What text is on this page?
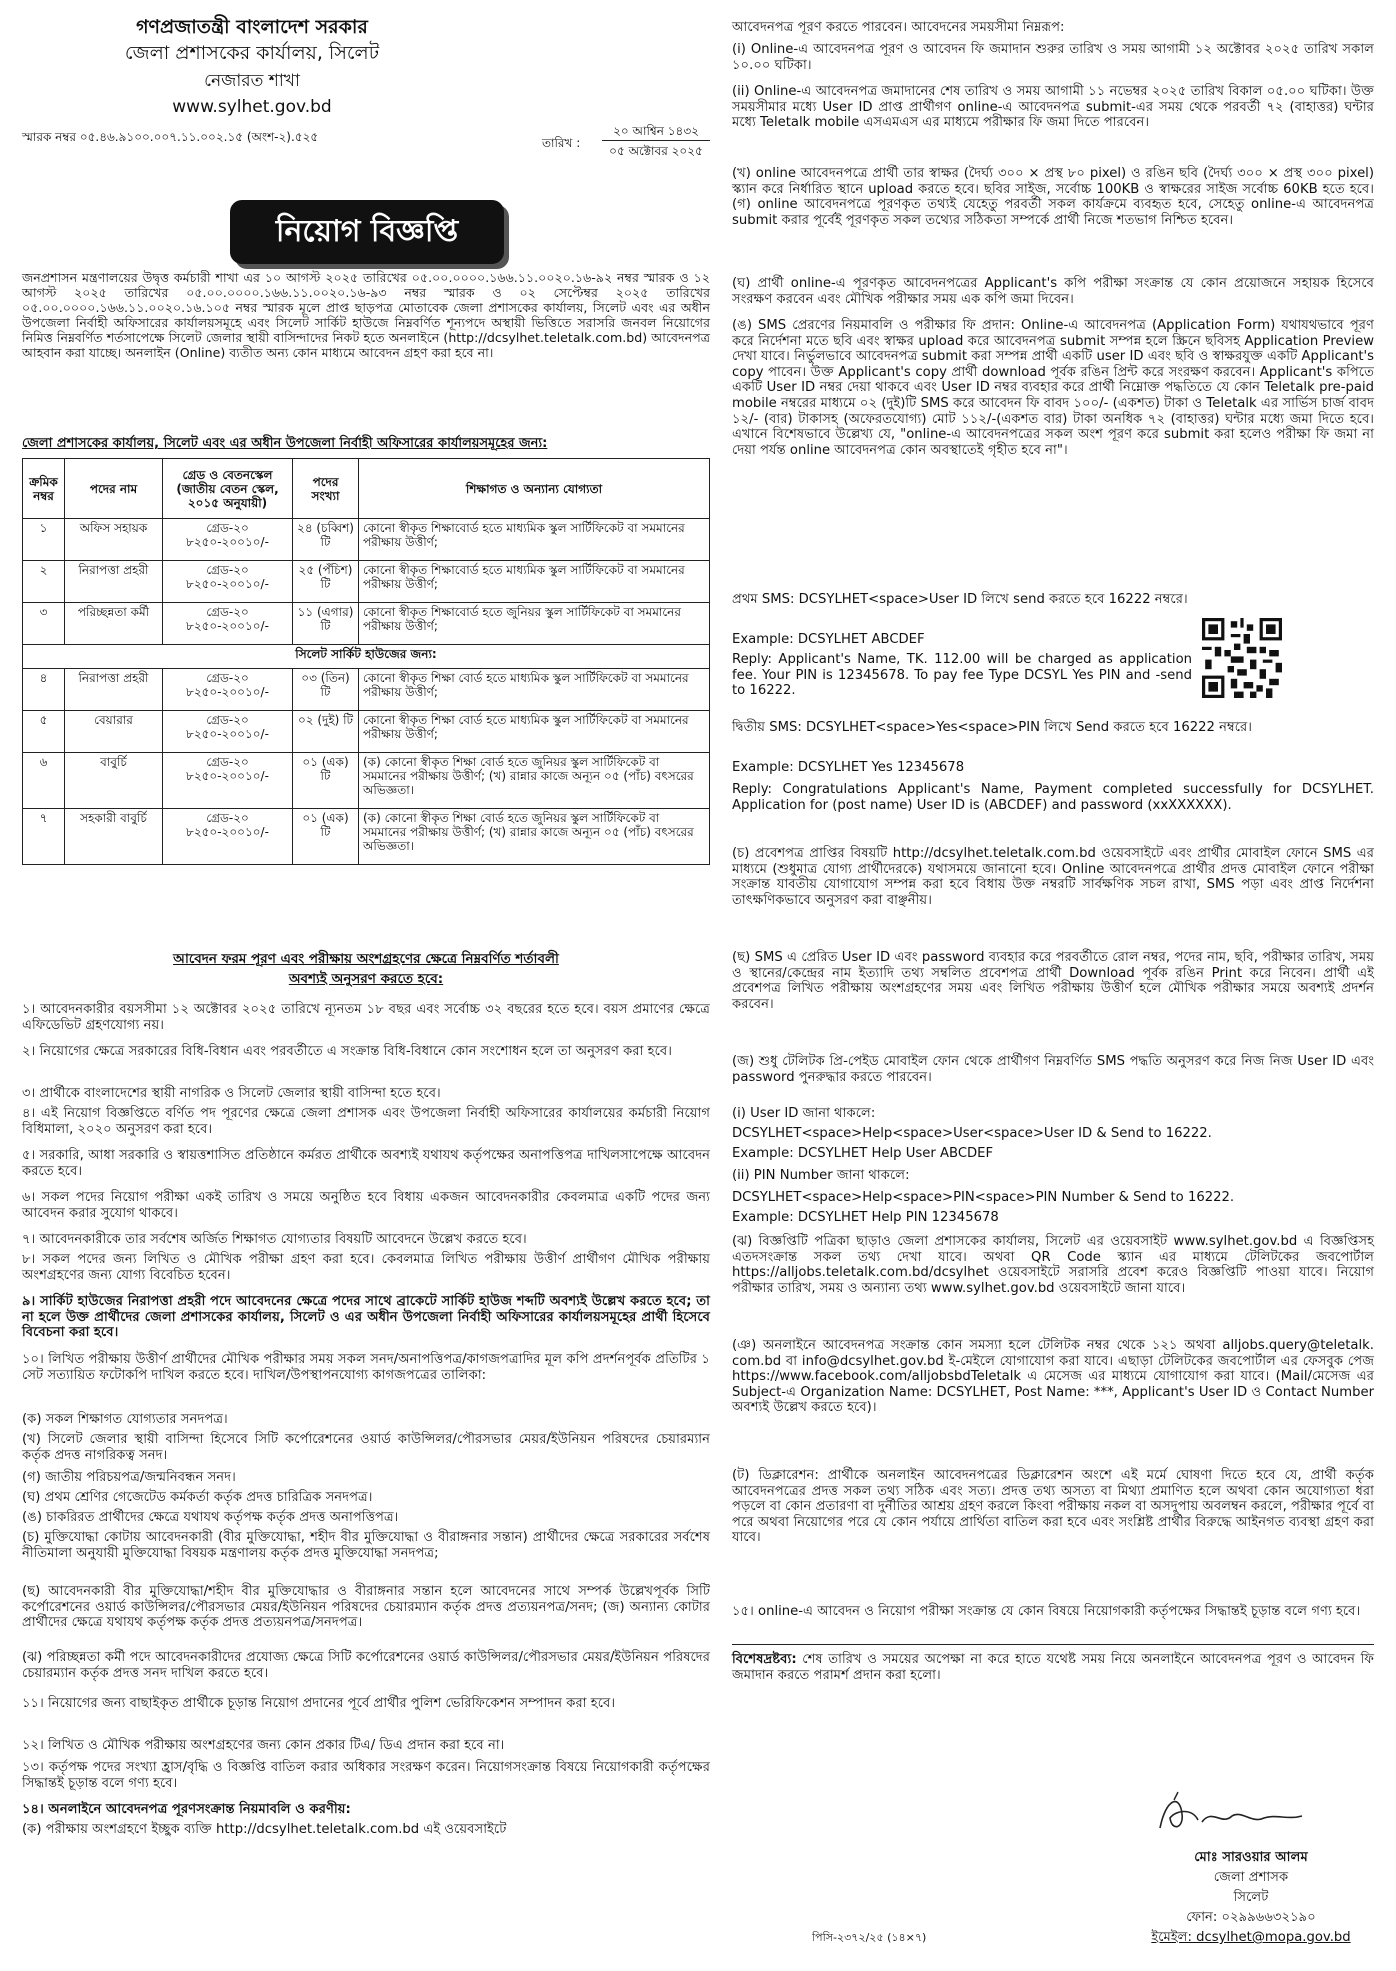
গণপ্রজাতন্ত্রী বাংলাদেশ সরকার
জেলা প্রশাসকের কার্যালয়, সিলেট
নেজারত শাখা
www.sylhet.gov.bd
স্মারক নম্বর ০৫.৪৬.৯১০০.০০৭.১১.০০২.১৫ (অংশ-২).৫২৫	তারিখ :
২০ আশ্বিন ১৪৩২
০৫ অক্টোবর ২০২৫
নিয়োগ বিজ্ঞপ্তি
জনপ্রশাসন মন্ত্রণালয়ের উদ্বৃত্ত কর্মচারী শাখা এর ১০ আগস্ট ২০২৫ তারিখের ০৫.০০.০০০০.১৬৬.১১.০০২০.১৬-৯২ নম্বর স্মারক ও ১২ আগস্ট ২০২৫ তারিখের ০৫.০০.০০০০.১৬৬.১১.০০২০.১৬-৯৩ নম্বর স্মারক ও ০২ সেপ্টেম্বর ২০২৫ তারিখের ০৫.০০.০০০০.১৬৬.১১.০০২০.১৬.১০৫ নম্বর স্মারক মূলে প্রাপ্ত ছাড়পত্র মোতাবেক জেলা প্রশাসকের কার্যালয়, সিলেট এবং এর অধীন উপজেলা নির্বাহী অফিসারের কার্যালয়সমূহে এবং সিলেট সার্কিট হাউজে নিম্নবর্ণিত শূন্যপদে অস্থায়ী ভিত্তিতে সরাসরি জনবল নিয়োগের নিমিত্ত নিম্নবর্ণিত শর্তসাপেক্ষে সিলেট জেলার স্থায়ী বাসিন্দাদের নিকট হতে অনলাইনে (http://dcsylhet.teletalk.com.bd) আবেদনপত্র আহবান করা যাচ্ছে। অনলাইন (Online) ব্যতীত অন্য কোন মাধ্যমে আবেদন গ্রহণ করা হবে না।
জেলা প্রশাসকের কার্যালয়, সিলেট এবং এর অধীন উপজেলা নির্বাহী অফিসারের কার্যালয়সমূহের জন্য:
ক্রমিক নম্বর	পদের নাম	গ্রেড ও বেতনস্কেল (জাতীয় বেতন স্কেল, ২০১৫ অনুযায়ী)	পদের সংখ্যা	শিক্ষাগত ও অন্যান্য যোগ্যতা
১	অফিস সহায়ক	গ্রেড-২০ ৮২৫০-২০০১০/-	২৪ (চব্বিশ) টি	কোনো স্বীকৃত শিক্ষাবোর্ড হতে মাধ্যমিক স্কুল সার্টিফিকেট বা সমমানের পরীক্ষায় উত্তীর্ণ;
২	নিরাপত্তা প্রহরী	গ্রেড-২০ ৮২৫০-২০০১০/-	২৫ (পঁচিশ) টি	কোনো স্বীকৃত শিক্ষাবোর্ড হতে মাধ্যমিক স্কুল সার্টিফিকেট বা সমমানের পরীক্ষায় উত্তীর্ণ;
৩	পরিচ্ছন্নতা কর্মী	গ্রেড-২০ ৮২৫০-২০০১০/-	১১ (এগার) টি	কোনো স্বীকৃত শিক্ষাবোর্ড হতে জুনিয়র স্কুল সার্টিফিকেট বা সমমানের পরীক্ষায় উত্তীর্ণ;
সিলেট সার্কিট হাউজের জন্য:				
৪	নিরাপত্তা প্রহরী	গ্রেড-২০ ৮২৫০-২০০১০/-	০৩ (তিন) টি	কোনো স্বীকৃত শিক্ষা বোর্ড হতে মাধ্যমিক স্কুল সার্টিফিকেট বা সমমানের পরীক্ষায় উত্তীর্ণ;
৫	বেয়ারার	গ্রেড-২০ ৮২৫০-২০০১০/-	০২ (দুই) টি	কোনো স্বীকৃত শিক্ষা বোর্ড হতে মাধ্যমিক স্কুল সার্টিফিকেট বা সমমানের পরীক্ষায় উত্তীর্ণ;
৬	বাবুর্চি	গ্রেড-২০ ৮২৫০-২০০১০/-	০১ (এক) টি	(ক) কোনো স্বীকৃত শিক্ষা বোর্ড হতে জুনিয়র স্কুল সার্টিফিকেট বা সমমানের পরীক্ষায় উত্তীর্ণ; (খ) রান্নার কাজে অন্যূন ০৫ (পাঁচ) বৎসরের অভিজ্ঞতা।
৭	সহকারী বাবুর্চি	গ্রেড-২০ ৮২৫০-২০০১০/-	০১ (এক) টি	(ক) কোনো স্বীকৃত শিক্ষা বোর্ড হতে জুনিয়র স্কুল সার্টিফিকেট বা সমমানের পরীক্ষায় উত্তীর্ণ; (খ) রান্নার কাজে অন্যূন ০৫ (পাঁচ) বৎসরের অভিজ্ঞতা।
আবেদন ফরম পূরণ এবং পরীক্ষায় অংশগ্রহণের ক্ষেত্রে নিম্নবর্ণিত শর্তাবলী
অবশ্যই অনুসরণ করতে হবে:
১। আবেদনকারীর বয়সসীমা ১২ অক্টোবর ২০২৫ তারিখে ন্যূনতম ১৮ বছর এবং সর্বোচ্চ ৩২ বছরের হতে হবে। বয়স প্রমাণের ক্ষেত্রে এফিডেভিট গ্রহণযোগ্য নয়।
২। নিয়োগের ক্ষেত্রে সরকারের বিধি-বিধান এবং পরবর্তীতে এ সংক্রান্ত বিধি-বিধানে কোন সংশোধন হলে তা অনুসরণ করা হবে।
৩। প্রার্থীকে বাংলাদেশের স্থায়ী নাগরিক ও সিলেট জেলার স্থায়ী বাসিন্দা হতে হবে।
৪। এই নিয়োগ বিজ্ঞপ্তিতে বর্ণিত পদ পূরণের ক্ষেত্রে জেলা প্রশাসক এবং উপজেলা নির্বাহী অফিসারের কার্যালয়ের কর্মচারী নিয়োগ বিধিমালা, ২০২০ অনুসরণ করা হবে।
৫। সরকারি, আধা সরকারি ও স্বায়ত্তশাসিত প্রতিষ্ঠানে কর্মরত প্রার্থীকে অবশ্যই যথাযথ কর্তৃপক্ষের অনাপত্তিপত্র দাখিলসাপেক্ষে আবেদন করতে হবে।
৬। সকল পদের নিয়োগ পরীক্ষা একই তারিখ ও সময়ে অনুষ্ঠিত হবে বিধায় একজন আবেদনকারীর কেবলমাত্র একটি পদের জন্য আবেদন করার সুযোগ থাকবে।
৭। আবেদনকারীকে তার সর্বশেষ অর্জিত শিক্ষাগত যোগ্যতার বিষয়টি আবেদনে উল্লেখ করতে হবে।
৮। সকল পদের জন্য লিখিত ও মৌখিক পরীক্ষা গ্রহণ করা হবে। কেবলমাত্র লিখিত পরীক্ষায় উত্তীর্ণ প্রার্থীগণ মৌখিক পরীক্ষায় অংশগ্রহণের জন্য যোগ্য বিবেচিত হবেন।
৯। সার্কিট হাউজের নিরাপত্তা প্রহরী পদে আবেদনের ক্ষেত্রে পদের সাথে ব্রাকেটে সার্কিট হাউজ শব্দটি অবশ্যই উল্লেখ করতে হবে; তা না হলে উক্ত প্রার্থীদের জেলা প্রশাসকের কার্যালয়, সিলেট ও এর অধীন উপজেলা নির্বাহী অফিসারের কার্যালয়সমূহের প্রার্থী হিসেবে বিবেচনা করা হবে।
১০। লিখিত পরীক্ষায় উত্তীর্ণ প্রার্থীদের মৌখিক পরীক্ষার সময় সকল সনদ/অনাপত্তিপত্র/কাগজপত্রাদির মূল কপি প্রদর্শনপূর্বক প্রতিটির ১ সেট সত্যায়িত ফটোকপি দাখিল করতে হবে। দাখিল/উপস্থাপনযোগ্য কাগজপত্রের তালিকা:
(ক) সকল শিক্ষাগত যোগ্যতার সনদপত্র।
(খ) সিলেট জেলার স্থায়ী বাসিন্দা হিসেবে সিটি কর্পোরেশনের ওয়ার্ড কাউন্সিলর/পৌরসভার মেয়র/ইউনিয়ন পরিষদের চেয়ারম্যান কর্তৃক প্রদত্ত নাগরিকত্ব সনদ।
(গ) জাতীয় পরিচয়পত্র/জন্মনিবন্ধন সনদ।
(ঘ) প্রথম শ্রেণির গেজেটেড কর্মকর্তা কর্তৃক প্রদত্ত চারিত্রিক সনদপত্র।
(ঙ) চাকরিরত প্রার্থীদের ক্ষেত্রে যথাযথ কর্তৃপক্ষ কর্তৃক প্রদত্ত অনাপত্তিপত্র।
(চ) মুক্তিযোদ্ধা কোটায় আবেদনকারী (বীর মুক্তিযোদ্ধা, শহীদ বীর মুক্তিযোদ্ধা ও বীরাঙ্গনার সন্তান) প্রার্থীদের ক্ষেত্রে সরকারের সর্বশেষ নীতিমালা অনুযায়ী মুক্তিযোদ্ধা বিষয়ক মন্ত্রণালয় কর্তৃক প্রদত্ত মুক্তিযোদ্ধা সনদপত্র;
(ছ) আবেদনকারী বীর মুক্তিযোদ্ধা/শহীদ বীর মুক্তিযোদ্ধার ও বীরাঙ্গনার সন্তান হলে আবেদনের সাথে সম্পর্ক উল্লেখপূর্বক সিটি কর্পোরেশনের ওয়ার্ড কাউন্সিলর/পৌরসভার মেয়র/ইউনিয়ন পরিষদের চেয়ারম্যান কর্তৃক প্রদত্ত প্রত্যয়নপত্র/সনদ; (জ) অন্যান্য কোটার প্রার্থীদের ক্ষেত্রে যথাযথ কর্তৃপক্ষ কর্তৃক প্রদত্ত প্রত্যয়নপত্র/সনদপত্র।
(ঝ) পরিচ্ছন্নতা কর্মী পদে আবেদনকারীদের প্রযোজ্য ক্ষেত্রে সিটি কর্পোরেশনের ওয়ার্ড কাউন্সিলর/পৌরসভার মেয়র/ইউনিয়ন পরিষদের চেয়ারম্যান কর্তৃক প্রদত্ত সনদ দাখিল করতে হবে।
১১। নিয়োগের জন্য বাছাইকৃত প্রার্থীকে চূড়ান্ত নিয়োগ প্রদানের পূর্বে প্রার্থীর পুলিশ ভেরিফিকেশন সম্পাদন করা হবে।
১২। লিখিত ও মৌখিক পরীক্ষায় অংশগ্রহণের জন্য কোন প্রকার টিএ/ ডিএ প্রদান করা হবে না।
১৩। কর্তৃপক্ষ পদের সংখ্যা হ্রাস/বৃদ্ধি ও বিজ্ঞপ্তি বাতিল করার অধিকার সংরক্ষণ করেন। নিয়োগসংক্রান্ত বিষয়ে নিয়োগকারী কর্তৃপক্ষের সিদ্ধান্তই চূড়ান্ত বলে গণ্য হবে।
১৪। অনলাইনে আবেদনপত্র পূরণসংক্রান্ত নিয়মাবলি ও করণীয়:
(ক) পরীক্ষায় অংশগ্রহণে ইচ্ছুক ব্যক্তি http://dcsylhet.teletalk.com.bd এই ওয়েবসাইটে
আবেদনপত্র পূরণ করতে পারবেন। আবেদনের সময়সীমা নিম্নরূপ:
(i) Online-এ আবেদনপত্র পূরণ ও আবেদন ফি জমাদান শুরুর তারিখ ও সময় আগামী ১২ অক্টোবর ২০২৫ তারিখ সকাল ১০.০০ ঘটিকা।
(ii) Online-এ আবেদনপত্র জমাদানের শেষ তারিখ ও সময় আগামী ১১ নভেম্বর ২০২৫ তারিখ বিকাল ০৫.০০ ঘটিকা। উক্ত সময়সীমার মধ্যে User ID প্রাপ্ত প্রার্থীগণ online-এ আবেদনপত্র submit-এর সময় থেকে পরবর্তী ৭২ (বাহাত্তর) ঘন্টার মধ্যে Teletalk mobile এসএমএস এর মাধ্যমে পরীক্ষার ফি জমা দিতে পারবেন।
(খ) online আবেদনপত্রে প্রার্থী তার স্বাক্ষর (দৈর্ঘ্য ৩০০ × প্রস্থ ৮০ pixel) ও রঙিন ছবি (দৈর্ঘ্য ৩০০ × প্রস্থ ৩০০ pixel) স্ক্যান করে নির্ধারিত স্থানে upload করতে হবে। ছবির সাইজ, সর্বোচ্চ 100KB ও স্বাক্ষরের সাইজ সর্বোচ্চ 60KB হতে হবে। (গ) online আবেদনপত্রে পূরণকৃত তথ্যই যেহেতু পরবর্তী সকল কার্যক্রমে ব্যবহৃত হবে, সেহেতু online-এ আবেদনপত্র submit করার পূর্বেই পূরণকৃত সকল তথ্যের সঠিকতা সম্পর্কে প্রার্থী নিজে শতভাগ নিশ্চিত হবেন।
(ঘ) প্রার্থী online-এ পূরণকৃত আবেদনপত্রের Applicant's কপি পরীক্ষা সংক্রান্ত যে কোন প্রয়োজনে সহায়ক হিসেবে সংরক্ষণ করবেন এবং মৌখিক পরীক্ষার সময় এক কপি জমা দিবেন।
(ঙ) SMS প্রেরণের নিয়মাবলি ও পরীক্ষার ফি প্রদান: Online-এ আবেদনপত্র (Application Form) যথাযথভাবে পূরণ করে নির্দেশনা মতে ছবি এবং স্বাক্ষর upload করে আবেদনপত্র submit সম্পন্ন হলে স্ক্রিনে ছবিসহ Application Preview দেখা যাবে। নির্ভুলভাবে আবেদনপত্র submit করা সম্পন্ন প্রার্থী একটি user ID এবং ছবি ও স্বাক্ষরযুক্ত একটি Applicant's copy পাবেন। উক্ত Applicant's copy প্রার্থী download পূর্বক রঙিন প্রিন্ট করে সংরক্ষণ করবেন। Applicant's কপিতে একটি User ID নম্বর দেয়া থাকবে এবং User ID নম্বর ব্যবহার করে প্রার্থী নিম্নোক্ত পদ্ধতিতে যে কোন Teletalk pre-paid mobile নম্বরের মাধ্যমে ০২ (দুই)টি SMS করে আবেদন ফি বাবদ ১০০/- (একশত) টাকা ও Teletalk এর সার্ভিস চার্জ বাবদ ১২/- (বার) টাকাসহ (অফেরতযোগ্য) মোট ১১২/-(একশত বার) টাকা অনধিক ৭২ (বাহাত্তর) ঘন্টার মধ্যে জমা দিতে হবে। এখানে বিশেষভাবে উল্লেখ্য যে, "online-এ আবেদনপত্রের সকল অংশ পূরণ করে submit করা হলেও পরীক্ষা ফি জমা না দেয়া পর্যন্ত online আবেদনপত্র কোন অবস্থাতেই গৃহীত হবে না"।
প্রথম SMS: DCSYLHET<space>User ID লিখে send করতে হবে 16222 নম্বরে।
Example: DCSYLHET ABCDEF
Reply: Applicant's Name, TK. 112.00 will be charged as application fee. Your PIN is 12345678. To pay fee Type DCSYL Yes PIN and -send to 16222.
দ্বিতীয় SMS: DCSYLHET<space>Yes<space>PIN লিখে Send করতে হবে 16222 নম্বরে।
Example: DCSYLHET Yes 12345678
Reply: Congratulations Applicant's Name, Payment completed successfully for DCSYLHET. Application for (post name) User ID is (ABCDEF) and password (xxXXXXXX).
(চ) প্রবেশপত্র প্রাপ্তির বিষয়টি http://dcsylhet.teletalk.com.bd ওয়েবসাইটে এবং প্রার্থীর মোবাইল ফোনে SMS এর মাধ্যমে (শুধুমাত্র যোগ্য প্রার্থীদেরকে) যথাসময়ে জানানো হবে। Online আবেদনপত্রে প্রার্থীর প্রদত্ত মোবাইল ফোনে পরীক্ষা সংক্রান্ত যাবতীয় যোগাযোগ সম্পন্ন করা হবে বিধায় উক্ত নম্বরটি সার্বক্ষণিক সচল রাখা, SMS পড়া এবং প্রাপ্ত নির্দেশনা তাৎক্ষণিকভাবে অনুসরণ করা বাঞ্ছনীয়।
(ছ) SMS এ প্রেরিত User ID এবং password ব্যবহার করে পরবর্তীতে রোল নম্বর, পদের নাম, ছবি, পরীক্ষার তারিখ, সময় ও স্থানের/কেন্দ্রের নাম ইত্যাদি তথ্য সম্বলিত প্রবেশপত্র প্রার্থী Download পূর্বক রঙিন Print করে নিবেন। প্রার্থী এই প্রবেশপত্র লিখিত পরীক্ষায় অংশগ্রহণের সময় এবং লিখিত পরীক্ষায় উত্তীর্ণ হলে মৌখিক পরীক্ষার সময়ে অবশ্যই প্রদর্শন করবেন।
(জ) শুধু টেলিটক প্রি-পেইড মোবাইল ফোন থেকে প্রার্থীগণ নিম্নবর্ণিত SMS পদ্ধতি অনুসরণ করে নিজ নিজ User ID এবং password পুনরুদ্ধার করতে পারবেন।
(i) User ID জানা থাকলে:
DCSYLHET<space>Help<space>User<space>User ID & Send to 16222.
Example: DCSYLHET Help User ABCDEF
(ii) PIN Number জানা থাকলে:
DCSYLHET<space>Help<space>PIN<space>PIN Number & Send to 16222.
Example: DCSYLHET Help PIN 12345678
(ঝ) বিজ্ঞপ্তিটি পত্রিকা ছাড়াও জেলা প্রশাসকের কার্যালয়, সিলেট এর ওয়েবসাইট www.sylhet.gov.bd এ বিজ্ঞপ্তিসহ এতদসংক্রান্ত সকল তথ্য দেখা যাবে। অথবা QR Code স্ক্যান এর মাধ্যমে টেলিটকের জবপোর্টাল https://alljobs.teletalk.com.bd/dcsylhet ওয়েবসাইটে সরাসরি প্রবেশ করেও বিজ্ঞপ্তিটি পাওয়া যাবে। নিয়োগ পরীক্ষার তারিখ, সময় ও অন্যান্য তথ্য www.sylhet.gov.bd ওয়েবসাইটে জানা যাবে।
(ঞ) অনলাইনে আবেদনপত্র সংক্রান্ত কোন সমস্যা হলে টেলিটক নম্বর থেকে ১২১ অথবা alljobs.query@teletalk. com.bd বা info@dcsylhet.gov.bd ই-মেইলে যোগাযোগ করা যাবে। এছাড়া টেলিটকের জবপোর্টাল এর ফেসবুক পেজ https://www.facebook.com/alljobsbdTeletalk এ মেসেজ এর মাধ্যমে যোগাযোগ করা যাবে। (Mail/মেসেজ এর Subject-এ Organization Name: DCSYLHET, Post Name: ***, Applicant's User ID ও Contact Number অবশ্যই উল্লেখ করতে হবে)।
(ট) ডিক্লারেশন: প্রার্থীকে অনলাইন আবেদনপত্রের ডিক্লারেশন অংশে এই মর্মে ঘোষণা দিতে হবে যে, প্রার্থী কর্তৃক আবেদনপত্রের প্রদত্ত সকল তথ্য সঠিক এবং সত্য। প্রদত্ত তথ্য অসত্য বা মিথ্যা প্রমাণিত হলে অথবা কোন অযোগ্যতা ধরা পড়লে বা কোন প্রতারণা বা দুর্নীতির আশ্রয় গ্রহণ করলে কিংবা পরীক্ষায় নকল বা অসদুপায় অবলম্বন করলে, পরীক্ষার পূর্বে বা পরে অথবা নিয়োগের পরে যে কোন পর্যায়ে প্রার্থিতা বাতিল করা হবে এবং সংশ্লিষ্ট প্রার্থীর বিরুদ্ধে আইনগত ব্যবস্থা গ্রহণ করা যাবে।
১৫। online-এ আবেদন ও নিয়োগ পরীক্ষা সংক্রান্ত যে কোন বিষয়ে নিয়োগকারী কর্তৃপক্ষের সিদ্ধান্তই চূড়ান্ত বলে গণ্য হবে।
বিশেষদ্রষ্টব্য: শেষ তারিখ ও সময়ের অপেক্ষা না করে হাতে যথেষ্ট সময় নিয়ে অনলাইনে আবেদনপত্র পূরণ ও আবেদন ফি জমাদান করতে পরামর্শ প্রদান করা হলো।
মোঃ সারওয়ার আলম
জেলা প্রশাসক
সিলেট
ফোন: ০২৯৯৬৬৩২১৯০
পিসি-২৩৭২/২৫ (১৪×৭)	ইমেইল: dcsylhet@mopa.gov.bd
